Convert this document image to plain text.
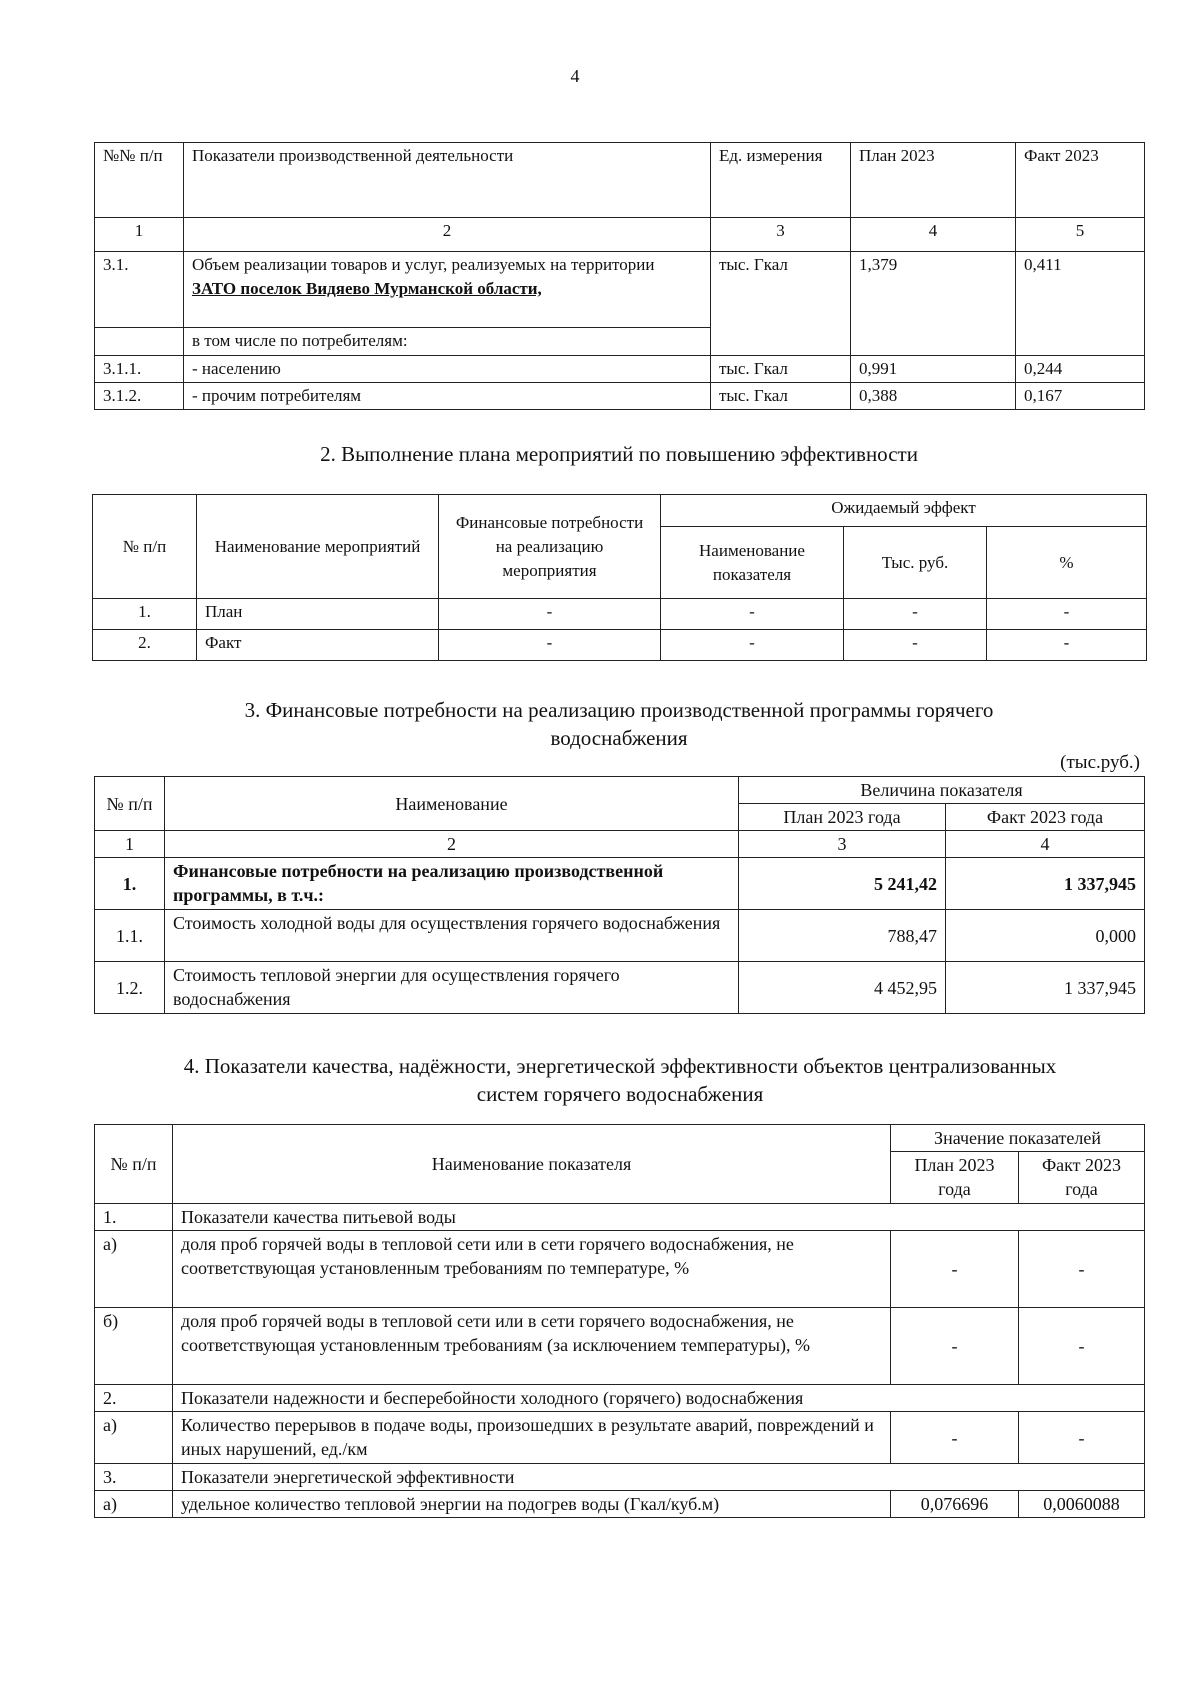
4
№№ п/п	Показатели производственной деятельности	Ед. измерения	План 2023	Факт 2023
1	2	3	4	5
3.1.	Объем реализации товаров и услуг, реализуемых на территории ЗАТО поселок Видяево Мурманской области,	тыс. Гкал	1,379	0,411
	в том числе по потребителям:			
3.1.1.	- населению	тыс. Гкал	0,991	0,244
3.1.2.	- прочим потребителям	тыс. Гкал	0,388	0,167
2. Выполнение плана мероприятий по повышению эффективности
№ п/п	Наименование мероприятий	Финансовые потребности на реализацию мероприятия	Ожидаемый эффект		
			Наименование показателя	Тыс. руб.	%
1.	План	-	-	-	-
2.	Факт	-	-	-	-
3. Финансовые потребности на реализацию производственной программы горячего
водоснабжения
(тыс.руб.)
№ п/п	Наименование	Величина показателя	
		План 2023 года	Факт 2023 года
1	2	3	4
1.	Финансовые потребности на реализацию производственной программы, в т.ч.:	5 241,42	1 337,945
1.1.	Стоимость холодной воды для осуществления горячего водоснабжения	788,47	0,000
1.2.	Стоимость тепловой энергии для осуществления горячего водоснабжения	4 452,95	1 337,945
4. Показатели качества, надёжности, энергетической эффективности объектов централизованных
систем горячего водоснабжения
№ п/п	Наименование показателя	Значение показателей	
		План 2023 года	Факт 2023 года
1.	Показатели качества питьевой воды		
а)	доля проб горячей воды в тепловой сети или в сети горячего водоснабжения, не соответствующая установленным требованиям по температуре, %	-	-
б)	доля проб горячей воды в тепловой сети или в сети горячего водоснабжения, не соответствующая установленным требованиям (за исключением температуры), %	-	-
2.	Показатели надежности и бесперебойности холодного (горячего) водоснабжения		
а)	Количество перерывов в подаче воды, произошедших в результате аварий, повреждений и иных нарушений, ед./км	-	-
3.	Показатели энергетической эффективности		
а)	удельное количество тепловой энергии на подогрев воды (Гкал/куб.м)	0,076696	0,0060088
